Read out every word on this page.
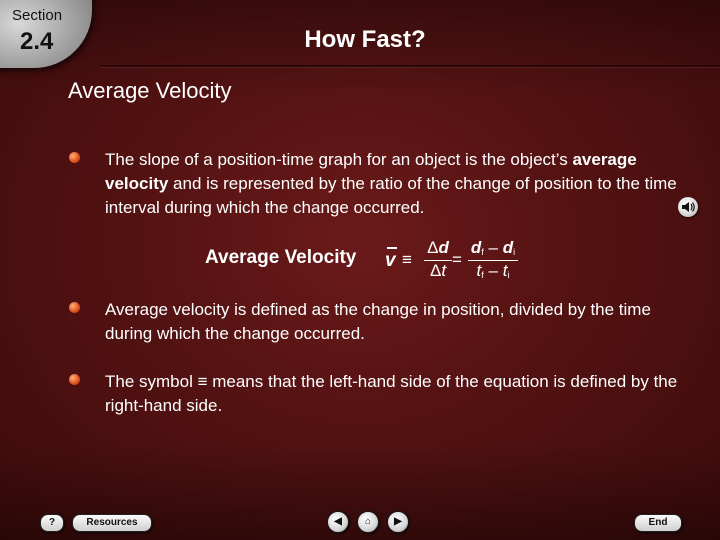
Section
2.4	How Fast?
Average Velocity
The slope of a position-time graph for an object is the object’s average velocity and is represented by the ratio of the change of position to the time interval during which the change occurred.
Average Velocity v ≡
Δd
Δt
=
$d_f - d_i$
$t_f - t_i$
Average velocity is defined as the change in position, divided by the time during which the change occurred.
The symbol ≡ means that the left-hand side of the equation is defined by the right-hand side.
?	Resources	◀	⌂	▶	End
